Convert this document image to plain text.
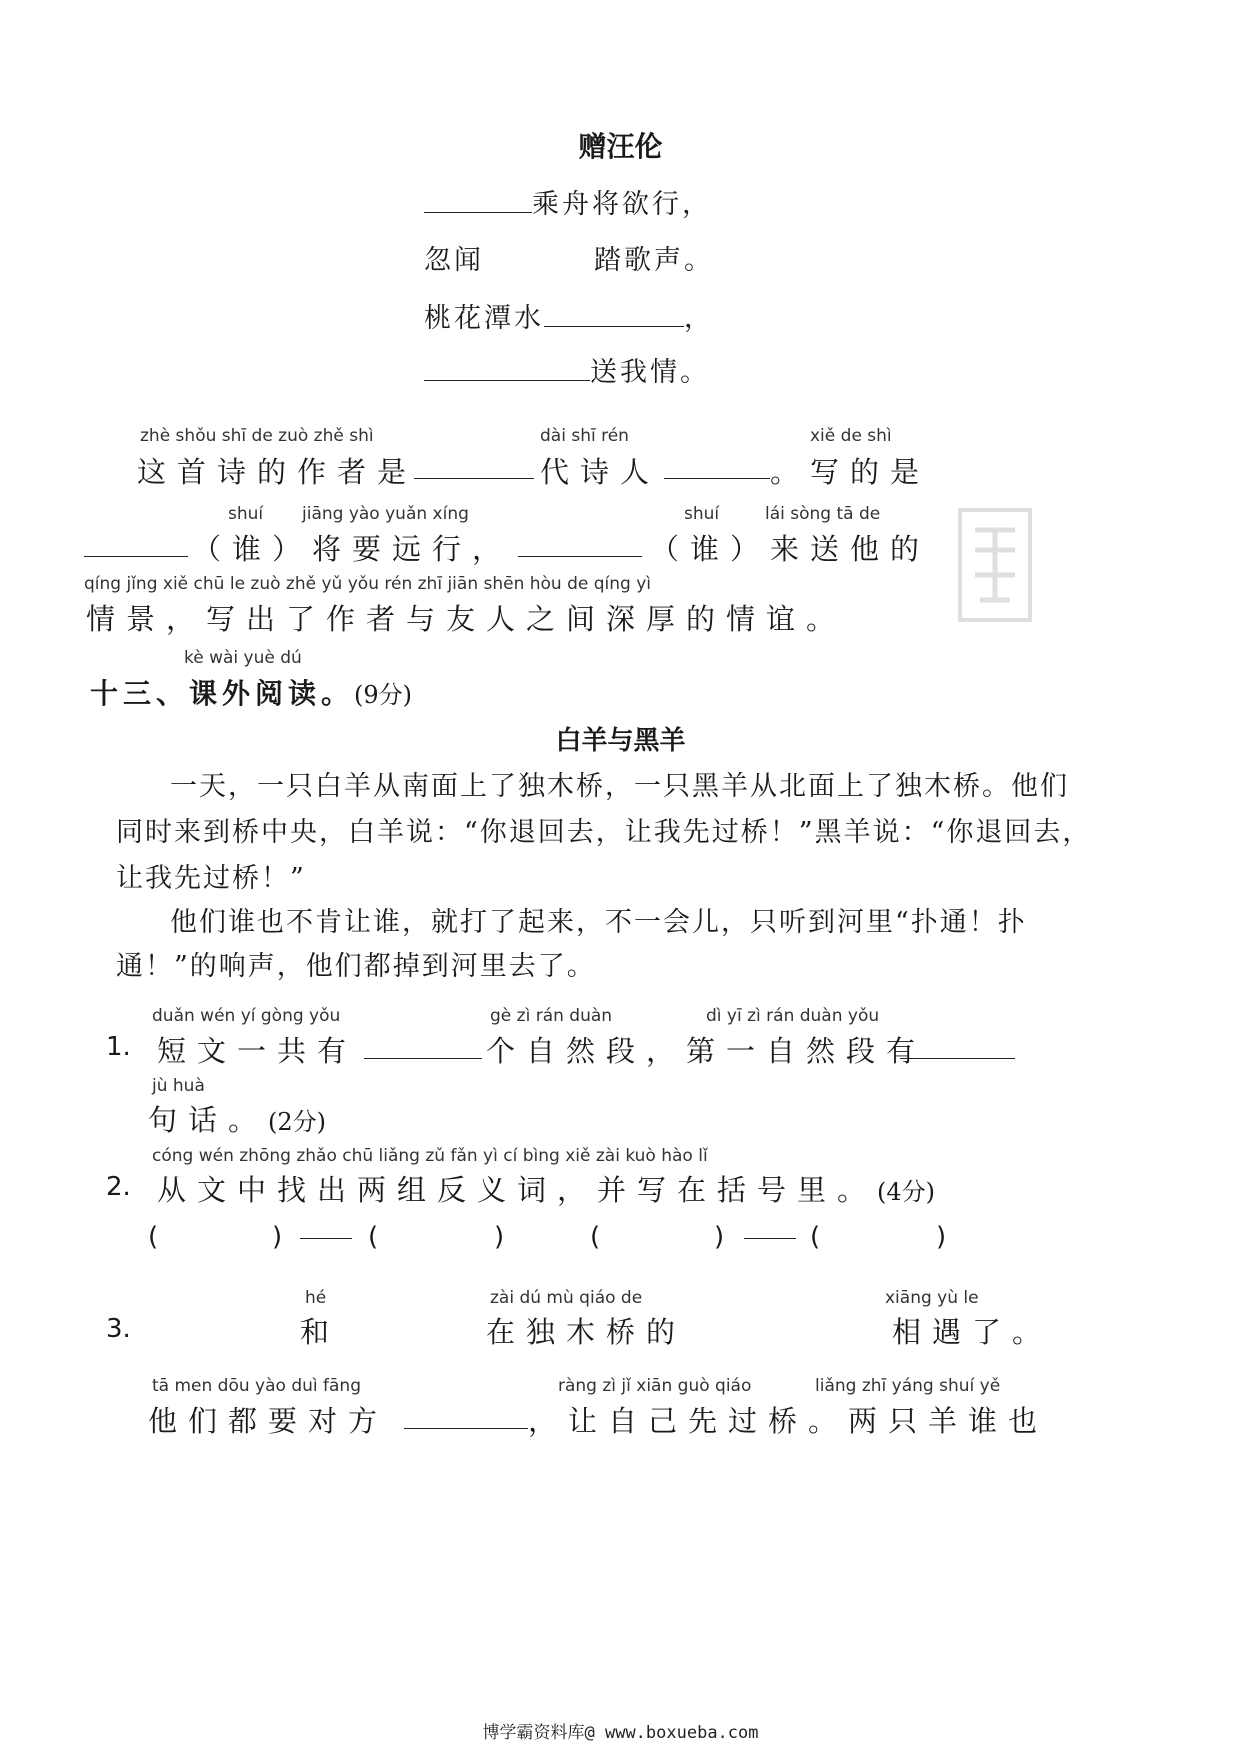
赠汪伦
乘舟将欲行，
忽闻	踏歌声。
桃花潭水	，
送我情。
zhè shǒu shī de zuò zhě shì
这首诗的作者是
dài shī rén
代诗人
xiě de shì
。写的是
shuí jiāng yào yuǎn xíng
（谁）将要远行，
shuí	lái sòng tā de
（谁）来送他的
qíng jǐng xiě chū le zuò zhě yǔ yǒu rén zhī jiān shēn hòu de qíng yì
情景，写出了作者与友人之间深厚的情谊。
kè wài yuè dú
十三、课外阅读。(9分)
白羊与黑羊
一天，一只白羊从南面上了独木桥，一只黑羊从北面上了独木桥。他们
同时来到桥中央，白羊说：“你退回去，让我先过桥！”黑羊说：“你退回去，
让我先过桥！”
他们谁也不肯让谁，就打了起来，不一会儿，只听到河里“扑通！扑
通！”的响声，他们都掉到河里去了。
1.
duǎn wén yí gòng yǒu
短文一共有
gè zì rán duàn	dì yī zì rán duàn yǒu
个自然段，第一自然段有
jù huà
句话。(2分)
2.
cóng wén zhōng zhǎo chū liǎng zǔ fǎn yì cí bìng xiě zài kuò hào lǐ
从文中找出两组反义词，并写在括号里。(4分)
(	)	(	)	(	)	(	)
3.
hé
和
zài dú mù qiáo de
在独木桥的
xiāng yù le
相遇了。
tā men dōu yào duì fāng
他们都要对方
ràng zì jǐ xiān guò qiáo	liǎng zhī yáng shuí yě
，让自己先过桥。两只羊谁也
博学霸资料库@ www.boxueba.com
